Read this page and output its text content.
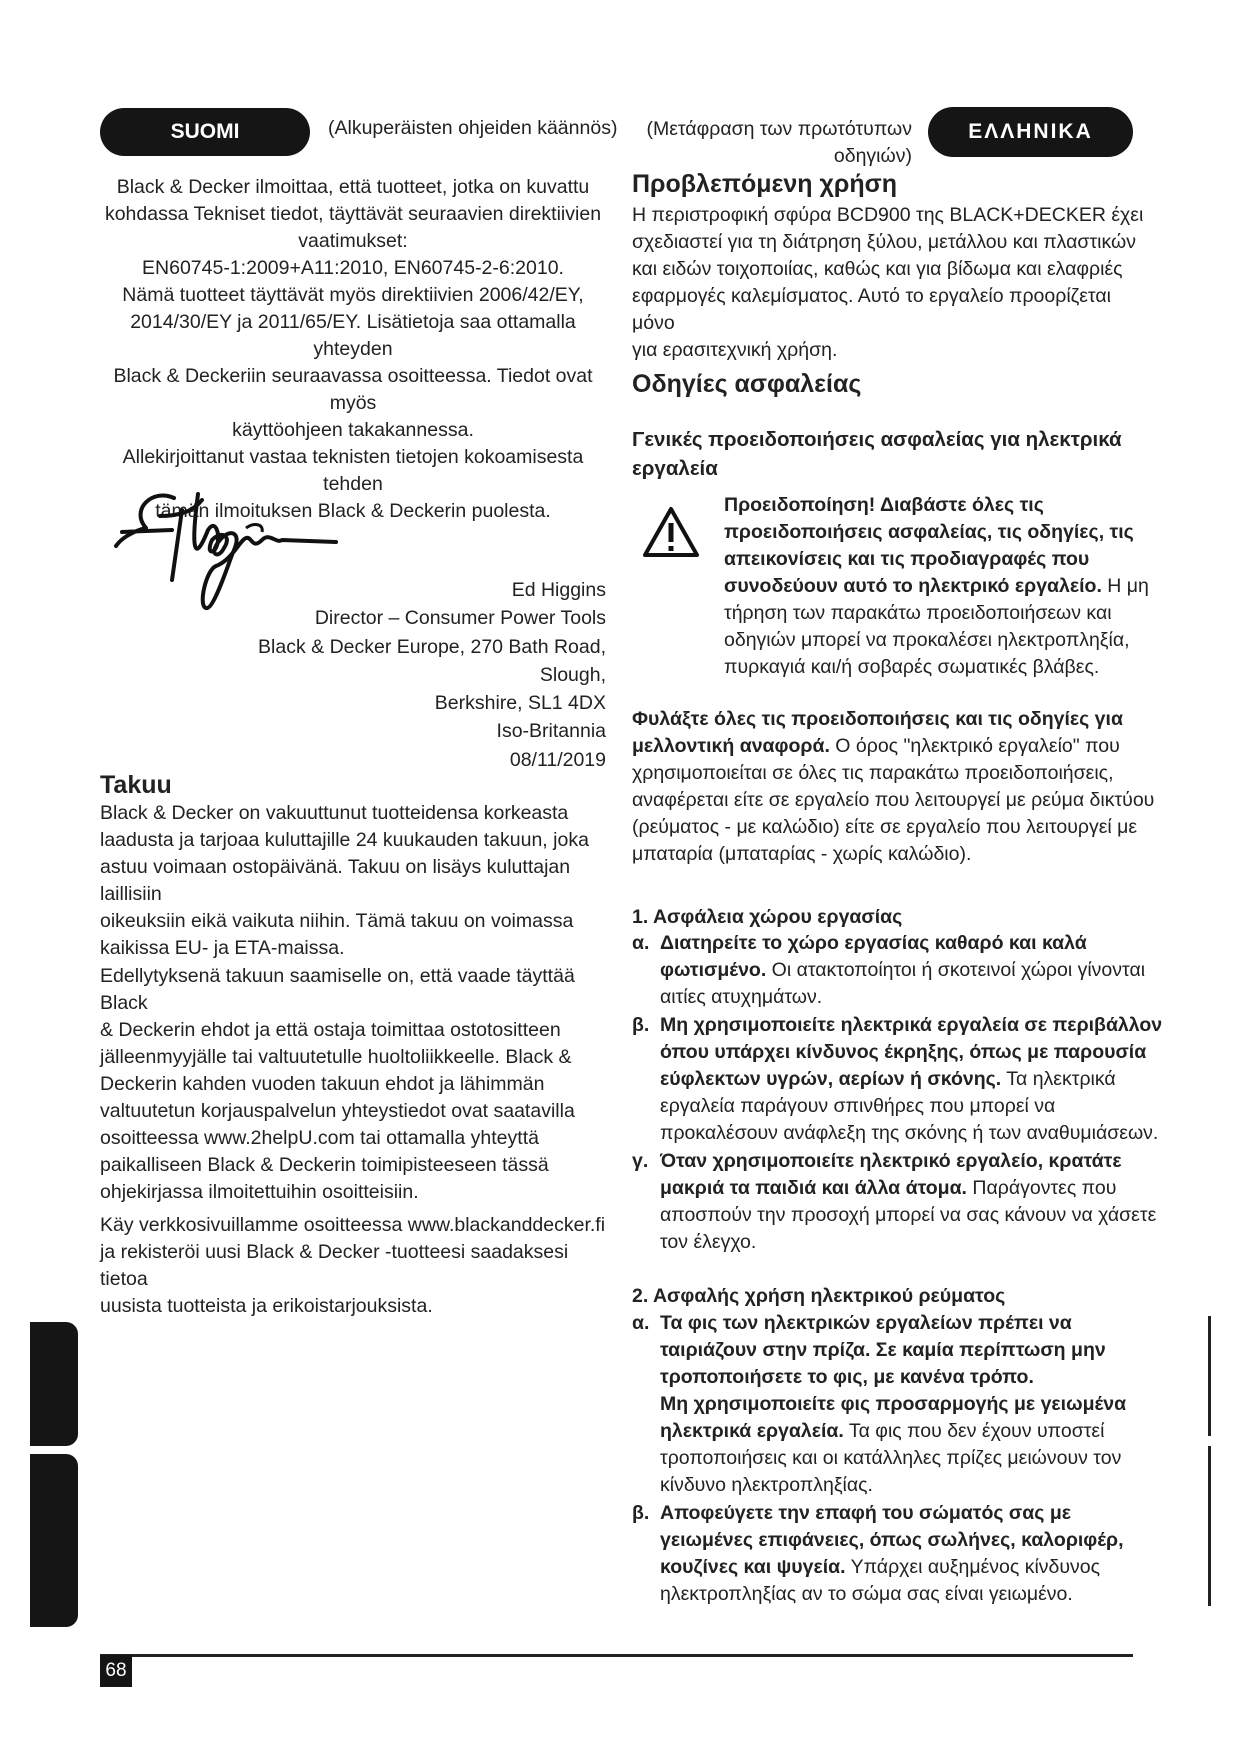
SUOMI	(Alkuperäisten ohjeiden käännös)
Black & Decker ilmoittaa, että tuotteet, jotka on kuvattu
kohdassa Tekniset tiedot, täyttävät seuraavien direktiivien
vaatimukset:
EN60745-1:2009+A11:2010, EN60745-2-6:2010.
Nämä tuotteet täyttävät myös direktiivien 2006/42/EY,
2014/30/EY ja 2011/65/EY. Lisätietoja saa ottamalla yhteyden
Black & Deckeriin seuraavassa osoitteessa. Tiedot ovat myös
käyttöohjeen takakannessa.
Allekirjoittanut vastaa teknisten tietojen kokoamisesta tehden
tämän ilmoituksen Black & Deckerin puolesta.
Ed Higgins
Director – Consumer Power Tools
Black & Decker Europe, 270 Bath Road, Slough,
Berkshire, SL1 4DX
Iso-Britannia
08/11/2019
Takuu
Black & Decker on vakuuttunut tuotteidensa korkeasta
laadusta ja tarjoaa kuluttajille 24 kuukauden takuun, joka
astuu voimaan ostopäivänä. Takuu on lisäys kuluttajan laillisiin
oikeuksiin eikä vaikuta niihin. Tämä takuu on voimassa
kaikissa EU- ja ETA-maissa.
Edellytyksenä takuun saamiselle on, että vaade täyttää Black
& Deckerin ehdot ja että ostaja toimittaa ostotositteen
jälleenmyyjälle tai valtuutetulle huoltoliikkeelle. Black &
Deckerin kahden vuoden takuun ehdot ja lähimmän
valtuutetun korjauspalvelun yhteystiedot ovat saatavilla
osoitteessa www.2helpU.com tai ottamalla yhteyttä
paikalliseen Black & Deckerin toimipisteeseen tässä
ohjekirjassa ilmoitettuihin osoitteisiin.
Käy verkkosivuillamme osoitteessa www.blackanddecker.fi
ja rekisteröi uusi Black & Decker -tuotteesi saadaksesi tietoa
uusista tuotteista ja erikoistarjouksista.
(Μετάφραση των πρωτότυπων
οδηγιών)
ΕΛΛΗΝΙΚΑ
Προβλεπόμενη χρήση
Η περιστροφική σφύρα BCD900 της BLACK+DECKER έχει
σχεδιαστεί για τη διάτρηση ξύλου, μετάλλου και πλαστικών
και ειδών τοιχοποιίας, καθώς και για βίδωμα και ελαφριές
εφαρμογές καλεμίσματος. Αυτό το εργαλείο προορίζεται μόνο
για ερασιτεχνική χρήση.
Οδηγίες ασφαλείας
Γενικές προειδοποιήσεις ασφαλείας για ηλεκτρικά
εργαλεία
Προειδοποίηση! Διαβάστε όλες τις
προειδοποιήσεις ασφαλείας, τις οδηγίες, τις
απεικονίσεις και τις προδιαγραφές που
συνοδεύουν αυτό το ηλεκτρικό εργαλείο. Η μη
τήρηση των παρακάτω προειδοποιήσεων και
οδηγιών μπορεί να προκαλέσει ηλεκτροπληξία,
πυρκαγιά και/ή σοβαρές σωματικές βλάβες.
Φυλάξτε όλες τις προειδοποιήσεις και τις οδηγίες για
μελλοντική αναφορά. Ο όρος "ηλεκτρικό εργαλείο" που
χρησιμοποιείται σε όλες τις παρακάτω προειδοποιήσεις,
αναφέρεται είτε σε εργαλείο που λειτουργεί με ρεύμα δικτύου
(ρεύματος - με καλώδιο) είτε σε εργαλείο που λειτουργεί με
μπαταρία (μπαταρίας - χωρίς καλώδιο).
1. Ασφάλεια χώρου εργασίας
α. Διατηρείτε το χώρο εργασίας καθαρό και καλά
φωτισμένο. Οι ατακτοποίητοι ή σκοτεινοί χώροι γίνονται
αιτίες ατυχημάτων.
β. Μη χρησιμοποιείτε ηλεκτρικά εργαλεία σε περιβάλλον
όπου υπάρχει κίνδυνος έκρηξης, όπως με παρουσία
εύφλεκτων υγρών, αερίων ή σκόνης. Τα ηλεκτρικά
εργαλεία παράγουν σπινθήρες που μπορεί να
προκαλέσουν ανάφλεξη της σκόνης ή των αναθυμιάσεων.
γ. Όταν χρησιμοποιείτε ηλεκτρικό εργαλείο, κρατάτε
μακριά τα παιδιά και άλλα άτομα. Παράγοντες που
αποσπούν την προσοχή μπορεί να σας κάνουν να χάσετε
τον έλεγχο.
2. Ασφαλής χρήση ηλεκτρικού ρεύματος
α. Τα φις των ηλεκτρικών εργαλείων πρέπει να
ταιριάζουν στην πρίζα. Σε καμία περίπτωση μην
τροποποιήσετε το φις, με κανένα τρόπο.
Μη χρησιμοποιείτε φις προσαρμογής με γειωμένα
ηλεκτρικά εργαλεία. Τα φις που δεν έχουν υποστεί
τροποποιήσεις και οι κατάλληλες πρίζες μειώνουν τον
κίνδυνο ηλεκτροπληξίας.
β. Αποφεύγετε την επαφή του σώματός σας με
γειωμένες επιφάνειες, όπως σωλήνες, καλοριφέρ,
κουζίνες και ψυγεία. Υπάρχει αυξημένος κίνδυνος
ηλεκτροπληξίας αν το σώμα σας είναι γειωμένο.
68
